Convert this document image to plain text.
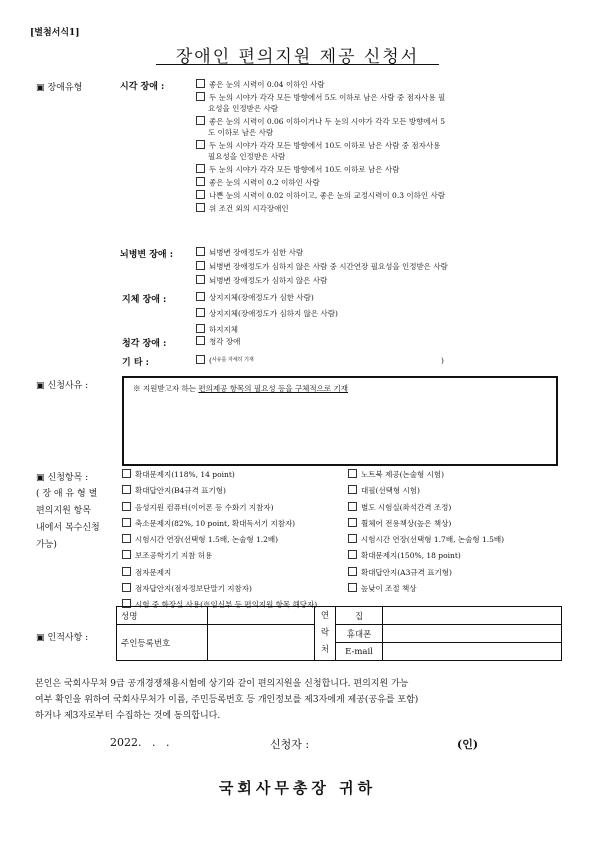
[별첨서식1]
장애인 편의지원 제공 신청서
▣ 장애유형	시각 장애 :	좋은 눈의 시력이 0.04 이하인 사람
두 눈의 시야가 각각 모든 방향에서 5도 이하로 남은 사람 중 점자사용 필
요성을 인정받은 사람
좋은 눈의 시력이 0.06 이하이거나 두 눈의 시야가 각각 모든 방향에서 5
도 이하로 남은 사람
두 눈의 시야가 각각 모든 방향에서 10도 이하로 남은 사람 중 점자사용
필요성을 인정받은 사람
두 눈의 시야가 각각 모든 방향에서 10도 이하로 남은 사람
좋은 눈의 시력이 0.2 이하인 사람
나쁜 눈의 시력이 0.02 이하이고, 좋은 눈의 교정시력이 0.3 이하인 사람
위 조건 외의 시각장애인
뇌병변 장애 :	뇌병변 장애정도가 심한 사람
뇌병변 장애정도가 심하지 않은 사람 중 시간연장 필요성을 인정받은 사람
뇌병변 장애정도가 심하지 않은 사람
지체 장애 :	상지지체(장애정도가 심한 사람)
상지지체(장애정도가 심하지 않은 사람)
하지지체
청각 장애 :	청각 장애
기 타 :	($^{사유를 자세히 기재}$	)
▣ 신청사유 :	※ 지원받고자 하는 편의제공 항목의 필요성 등을 구체적으로 기재
▣ 신청항목 :
( 장 애 유 형 별
편의지원 항목
내에서 복수신청
가능)
확대문제지(118%, 14 point)
확대답안지(B4규격 표기형)
음성지원 컴퓨터(이어폰 등 수화기 지참자)
축소문제지(82%, 10 point, 확대독서기 지참자)
시험시간 연장(선택형 1.5배, 논술형 1.2배)
보조공학기기 지참 허용
점자문제지
점자답안지(점자정보단말기 지참자)
시험 중 화장실 사용(※임신부 등 편의지원 항목 해당자)
노트북 제공(논술형 시험)
대필(선택형 시험)
별도 시험실(좌석간격 조정)
휠체어 전용책상(높은 책상)
시험시간 연장(선택형 1.7배, 논술형 1.5배)
확대문제지(150%, 18 point)
확대답안지(A3규격 표기형)
높낮이 조절 책상
▣ 인적사항 :
성명		연
락
처	집	
주인등록번호			휴대폰	
			E-mail	
본인은 국회사무처 9급 공개경쟁채용시험에 상기와 같이 편의지원을 신청합니다. 편의지원 가능
여부 확인을 위하여 국회사무처가 이름, 주민등록번호 등 개인정보를 제3자에게 제공(공유를 포함)
하거나 제3자로부터 수집하는 것에 동의합니다.
2022.   .   .	신청자 :	(인)
국회사무총장 귀하
